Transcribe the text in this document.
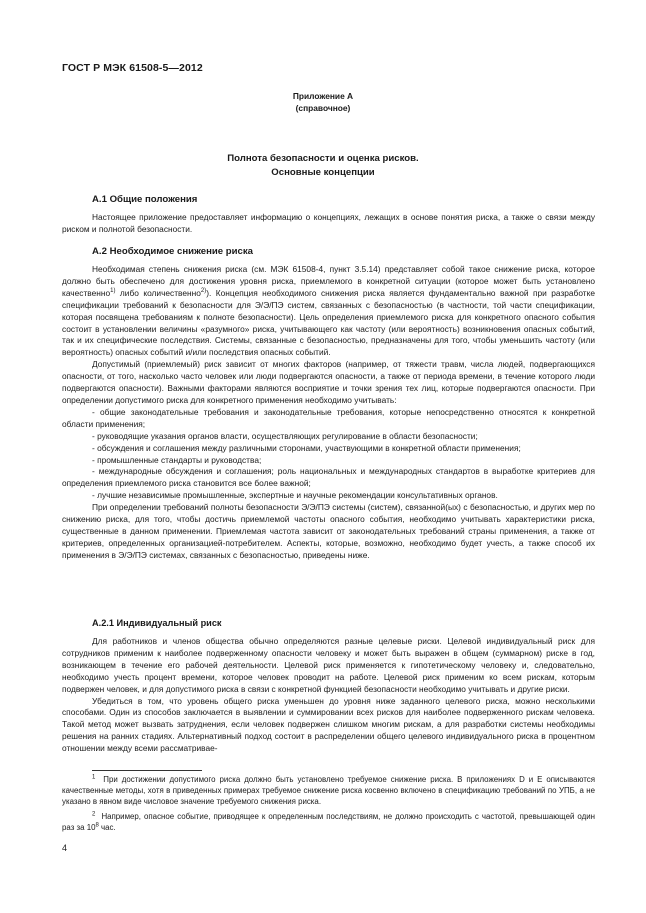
ГОСТ Р МЭК 61508-5—2012
Приложение А
(справочное)
Полнота безопасности и оценка рисков.
Основные концепции
А.1 Общие положения

Настоящее приложение предоставляет информацию о концепциях, лежащих в основе понятия риска, а также о связи между риском и полнотой безопасности.

А.2 Необходимое снижение риска

Необходимая степень снижения риска (см. МЭК 61508-4, пункт 3.5.14) представляет собой такое снижение риска, которое должно быть обеспечено для достижения уровня риска, приемлемого в конкретной ситуации (которое может быть установлено качественно$^{1)}$ либо количественно$^{2)}$). Концепция необходимого снижения риска является фундаментально важной при разработке спецификации требований к безопасности для Э/Э/ПЭ систем, связанных с безопасностью (в частности, той части спецификации, которая посвящена требованиям к полноте безопасности). Цель определения приемлемого риска для конкретного опасного события состоит в установлении величины «разумного» риска, учитывающего как частоту (или вероятность) возникновения опасных событий, так и их специфические последствия. Системы, связанные с безопасностью, предназначены для того, чтобы уменьшить частоту (или вероятность) опасных событий и/или последствия опасных событий.

Допустимый (приемлемый) риск зависит от многих факторов (например, от тяжести травм, числа людей, подвергающихся опасности, от того, насколько часто человек или люди подвергаются опасности, а также от периода времени, в течение которого люди подвергаются опасности). Важными факторами являются восприятие и точки зрения тех лиц, которые подвергаются опасности. При определении допустимого риска для конкретного применения необходимо учитывать:

- общие законодательные требования и законодательные требования, которые непосредственно относятся к конкретной области применения;

- руководящие указания органов власти, осуществляющих регулирование в области безопасности;

- обсуждения и соглашения между различными сторонами, участвующими в конкретной области применения;

- промышленные стандарты и руководства;

- международные обсуждения и соглашения; роль национальных и международных стандартов в выработке критериев для определения приемлемого риска становится все более важной;

- лучшие независимые промышленные, экспертные и научные рекомендации консультативных органов.

При определении требований полноты безопасности Э/Э/ПЭ системы (систем), связанной(ых) с безопасностью, и других мер по снижению риска, для того, чтобы достичь приемлемой частоты опасного события, необходимо учитывать характеристики риска, существенные в данном применении. Приемлемая частота зависит от законодательных требований страны применения, а также от критериев, определенных организацией-потребителем. Аспекты, которые, возможно, необходимо будет учесть, а также способ их применения в Э/Э/ПЭ системах, связанных с безопасностью, приведены ниже.

А.2.1 Индивидуальный риск

Для работников и членов общества обычно определяются разные целевые риски. Целевой индивидуальный риск для сотрудников применим к наиболее подверженному опасности человеку и может быть выражен в общем (суммарном) риске в год, возникающем в течение его рабочей деятельности. Целевой риск применяется к гипотетическому человеку и, следовательно, необходимо учесть процент времени, которое человек проводит на работе. Целевой риск применим ко всем рискам, которым подвержен человек, и для допустимого риска в связи с конкретной функцией безопасности необходимо учитывать и другие риски.

Убедиться в том, что уровень общего риска уменьшен до уровня ниже заданного целевого риска, можно несколькими способами. Один из способов заключается в выявлении и суммировании всех рисков для наиболее подверженного рискам человека. Такой метод может вызвать затруднения, если человек подвержен слишком многим рискам, а для разработки системы необходимы решения на ранних стадиях. Альтернативный подход состоит в распределении общего целевого индивидуального риска в процентном отношении между всеми рассматривае-

$^1$ При достижении допустимого риска должно быть установлено требуемое снижение риска. В приложениях D и Е описываются качественные методы, хотя в приведенных примерах требуемое снижение риска косвенно включено в спецификацию требований по УПБ, а не указано в явном виде числовое значение требуемого снижения риска.

$^2$ Например, опасное событие, приводящее к определенным последствиям, не должно происходить с частотой, превышающей один раз за $10^8$ час.

4
